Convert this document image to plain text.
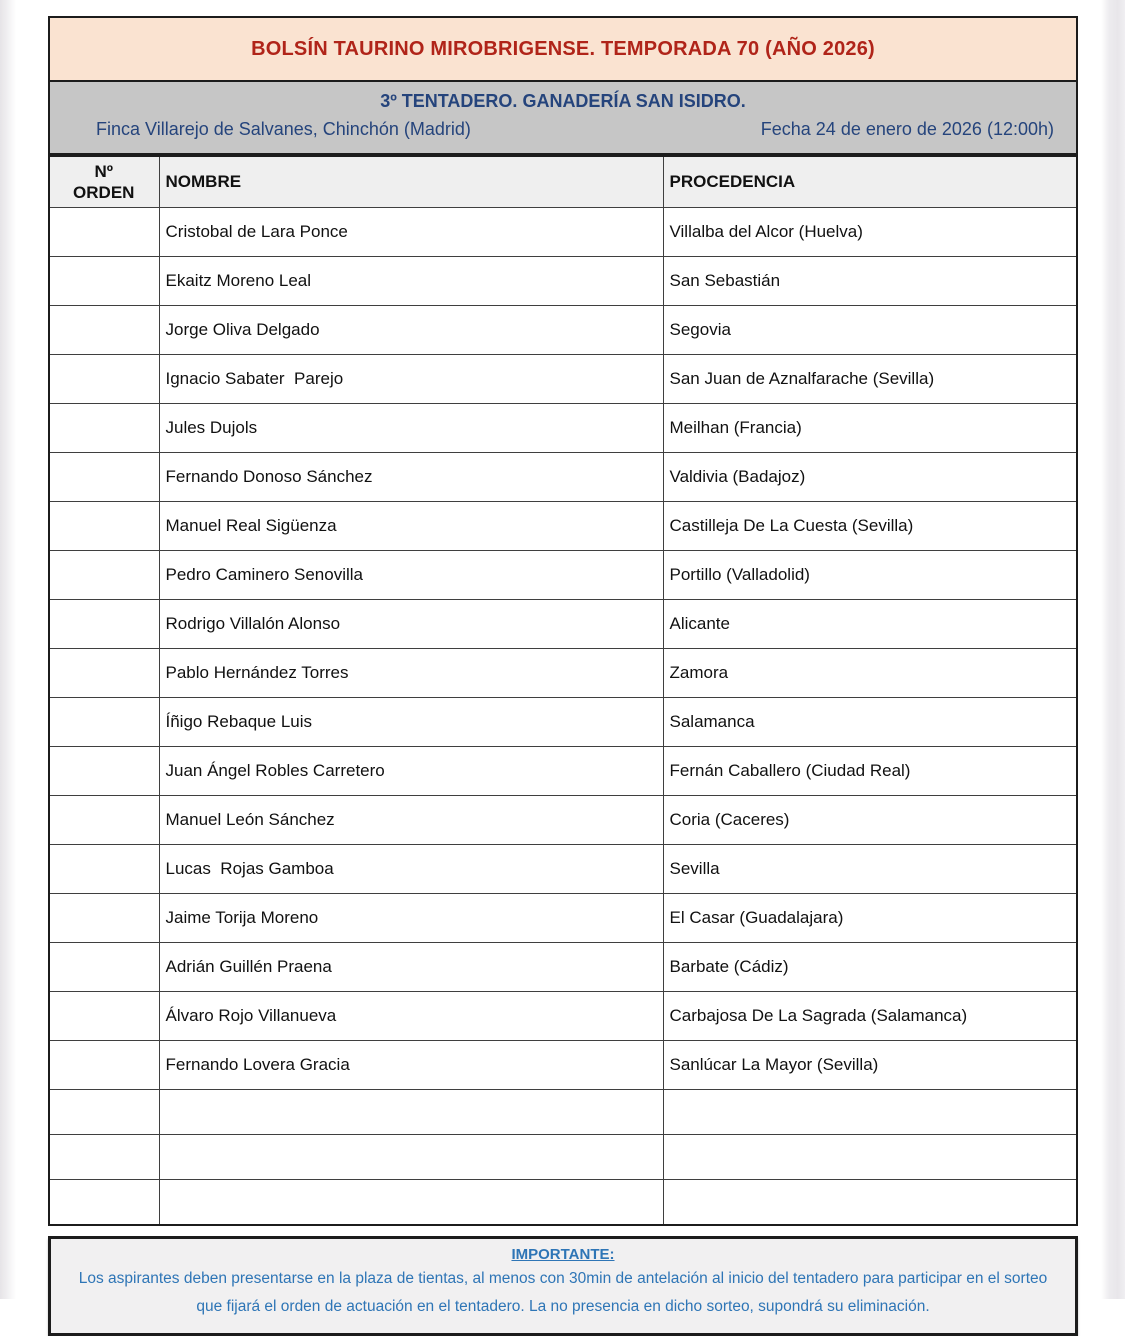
BOLSÍN TAURINO MIROBRIGENSE. TEMPORADA 70 (AÑO 2026)
3º TENTADERO. GANADERÍA SAN ISIDRO.
Finca Villarejo de Salvanes, Chinchón (Madrid)	Fecha 24 de enero de 2026 (12:00h)
Nº ORDEN	NOMBRE	PROCEDENCIA
	Cristobal de Lara Ponce	Villalba del Alcor (Huelva)
	Ekaitz Moreno Leal	San Sebastián
	Jorge Oliva Delgado	Segovia
	Ignacio Sabater  Parejo	San Juan de Aznalfarache (Sevilla)
	Jules Dujols	Meilhan (Francia)
	Fernando Donoso Sánchez	Valdivia (Badajoz)
	Manuel Real Sigüenza	Castilleja De La Cuesta (Sevilla)
	Pedro Caminero Senovilla	Portillo (Valladolid)
	Rodrigo Villalón Alonso	Alicante
	Pablo Hernández Torres	Zamora
	Íñigo Rebaque Luis	Salamanca
	Juan Ángel Robles Carretero	Fernán Caballero (Ciudad Real)
	Manuel León Sánchez	Coria (Caceres)
	Lucas  Rojas Gamboa	Sevilla
	Jaime Torija Moreno	El Casar (Guadalajara)
	Adrián Guillén Praena	Barbate (Cádiz)
	Álvaro Rojo Villanueva	Carbajosa De La Sagrada (Salamanca)
	Fernando Lovera Gracia	Sanlúcar La Mayor (Sevilla)

IMPORTANTE:
Los aspirantes deben presentarse en la plaza de tientas, al menos con 30min de antelación al inicio del tentadero para participar en el sorteo que fijará el orden de actuación en el tentadero. La no presencia en dicho sorteo, supondrá su eliminación.
